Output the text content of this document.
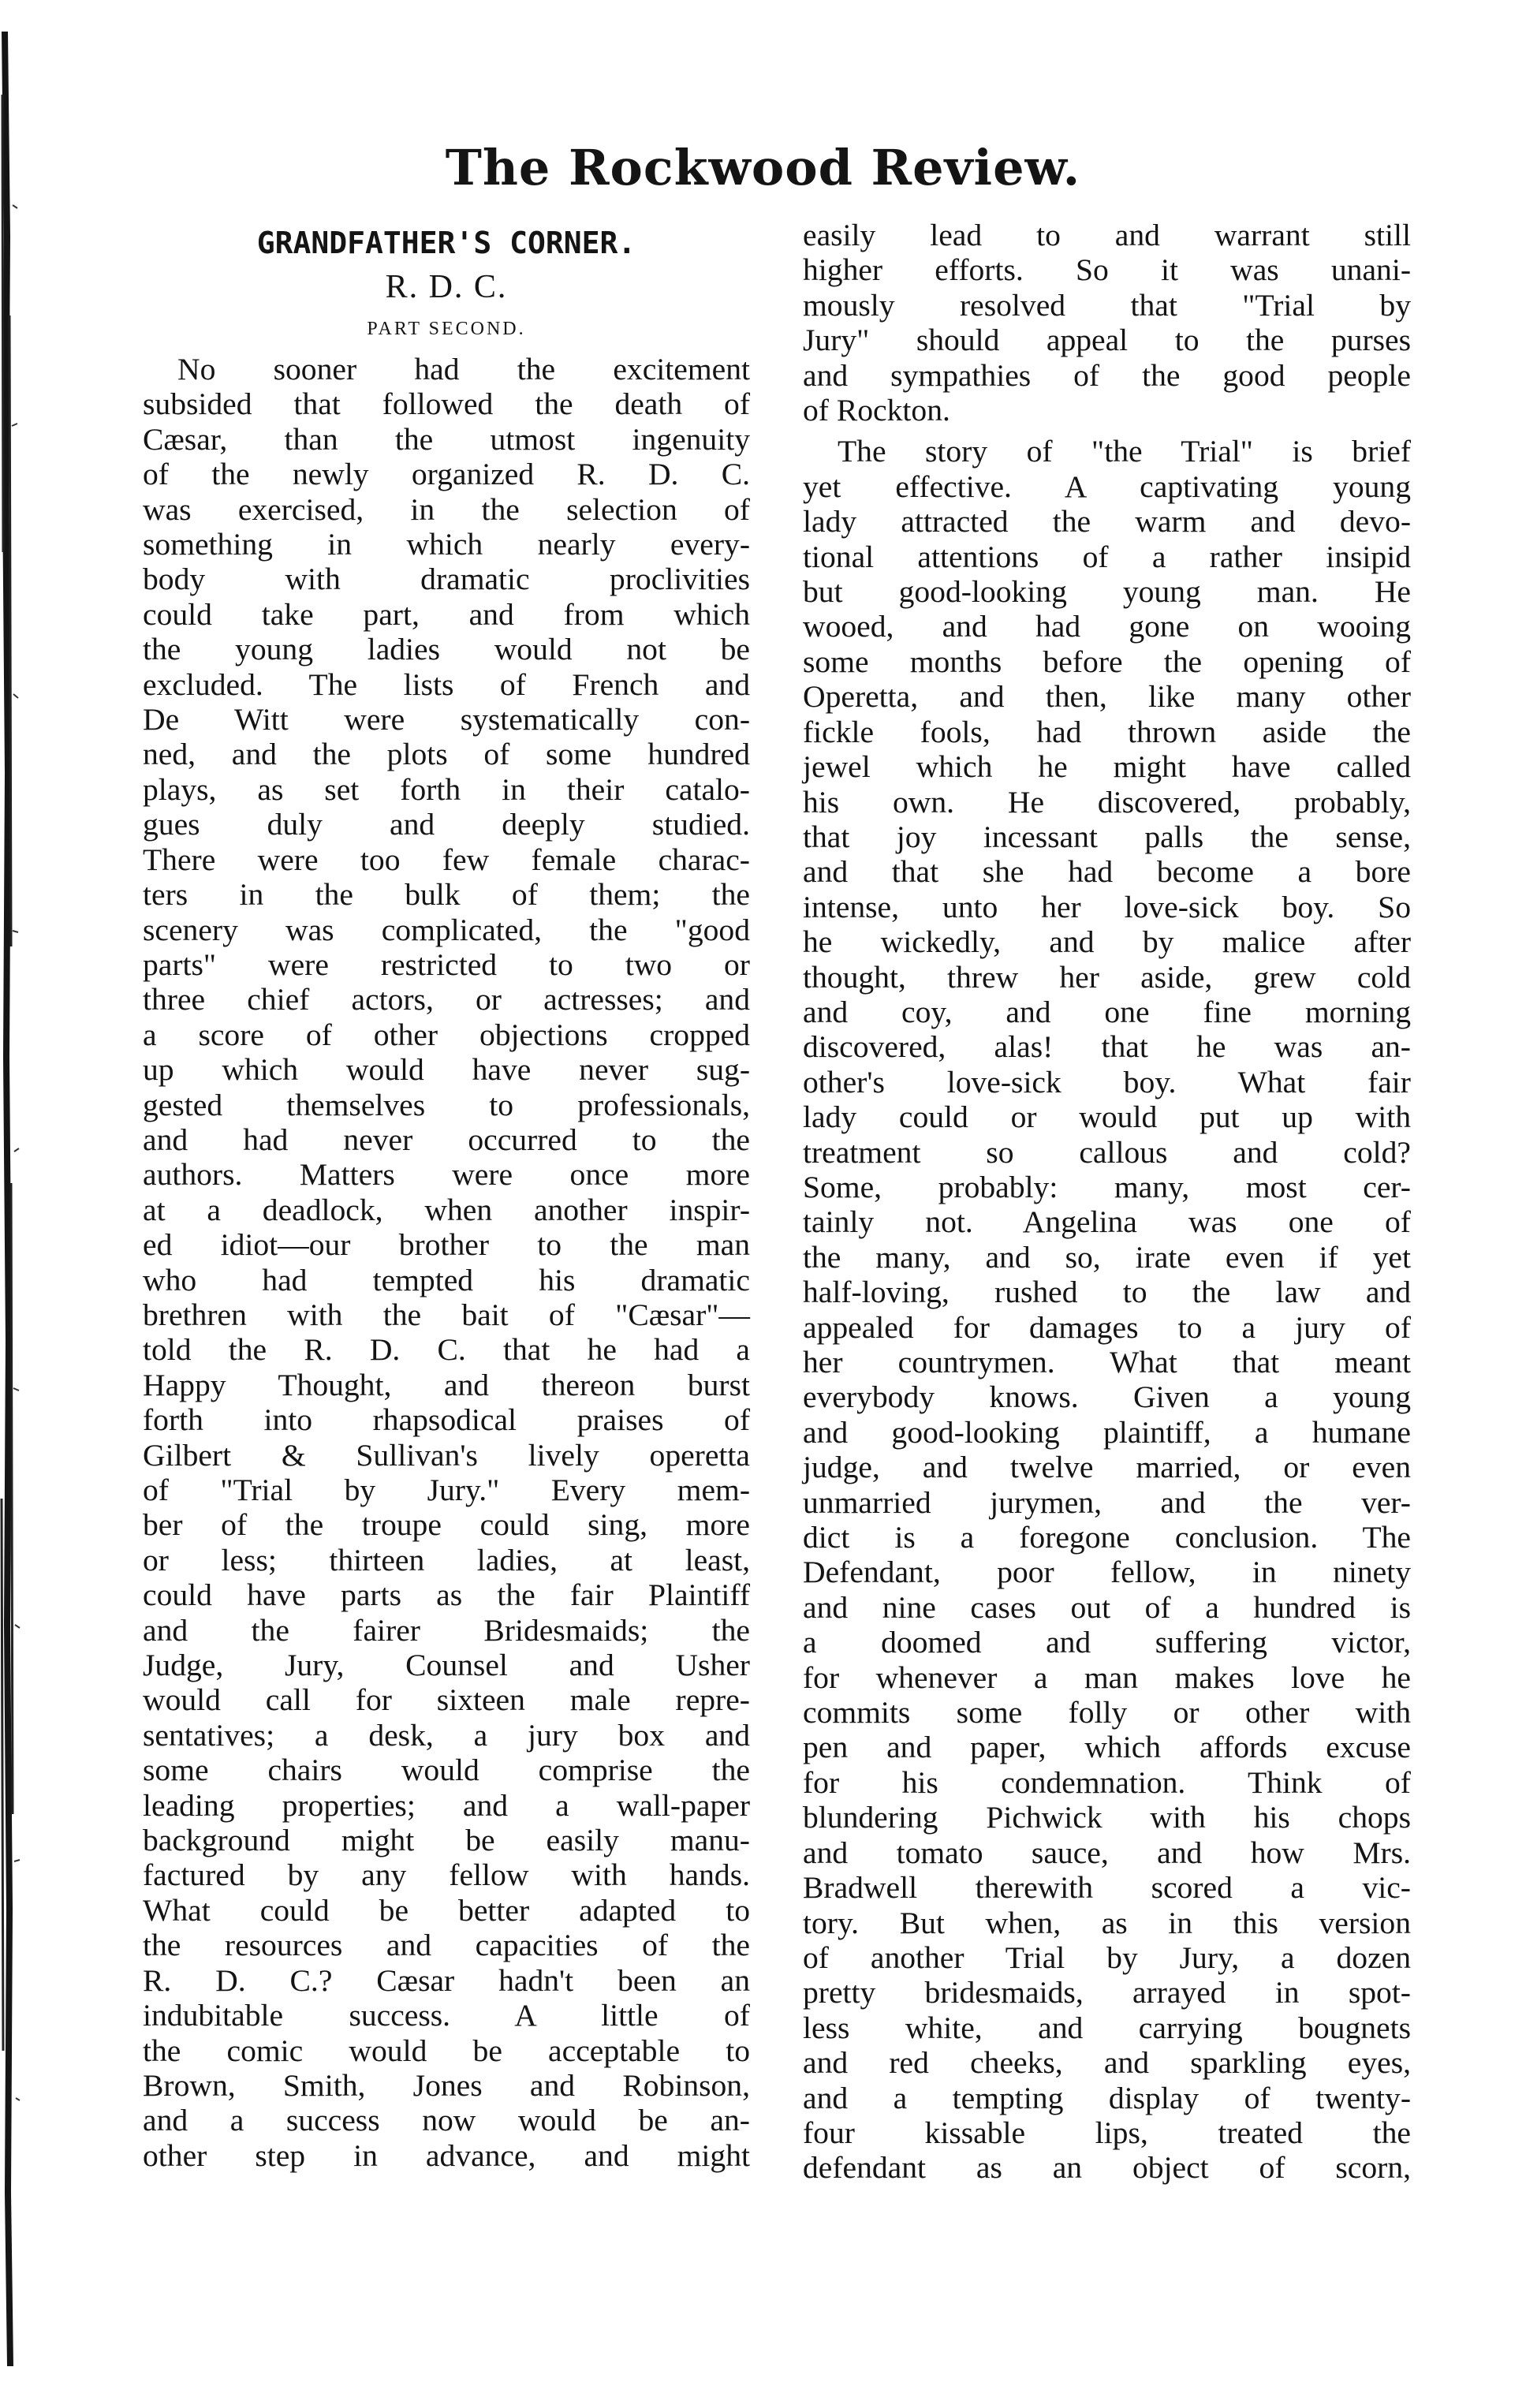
The Rockwood Review.
GRANDFATHER'S CORNER.
R. D. C.
PART SECOND.
No sooner had the excitement
subsided that followed the death of
Cæsar, than the utmost ingenuity
of the newly organized R. D. C.
was exercised, in the selection of
something in which nearly every-
body with dramatic proclivities
could take part, and from which
the young ladies would not be
excluded. The lists of French and
De Witt were systematically con-
ned, and the plots of some hundred
plays, as set forth in their catalo-
gues duly and deeply studied.
There were too few female charac-
ters in the bulk of them; the
scenery was complicated, the "good
parts" were restricted to two or
three chief actors, or actresses; and
a score of other objections cropped
up which would have never sug-
gested themselves to professionals,
and had never occurred to the
authors. Matters were once more
at a deadlock, when another inspir-
ed idiot—our brother to the man
who had tempted his dramatic
brethren with the bait of "Cæsar"—
told the R. D. C. that he had a
Happy Thought, and thereon burst
forth into rhapsodical praises of
Gilbert & Sullivan's lively operetta
of "Trial by Jury." Every mem-
ber of the troupe could sing, more
or less; thirteen ladies, at least,
could have parts as the fair Plaintiff
and the fairer Bridesmaids; the
Judge, Jury, Counsel and Usher
would call for sixteen male repre-
sentatives; a desk, a jury box and
some chairs would comprise the
leading properties; and a wall-paper
background might be easily manu-
factured by any fellow with hands.
What could be better adapted to
the resources and capacities of the
R. D. C.? Cæsar hadn't been an
indubitable success. A little of
the comic would be acceptable to
Brown, Smith, Jones and Robinson,
and a success now would be an-
other step in advance, and might
easily lead to and warrant still
higher efforts. So it was unani-
mously resolved that "Trial by
Jury" should appeal to the purses
and sympathies of the good people
of Rockton.
The story of "the Trial" is brief
yet effective. A captivating young
lady attracted the warm and devo-
tional attentions of a rather insipid
but good-looking young man. He
wooed, and had gone on wooing
some months before the opening of
Operetta, and then, like many other
fickle fools, had thrown aside the
jewel which he might have called
his own. He discovered, probably,
that joy incessant palls the sense,
and that she had become a bore
intense, unto her love-sick boy. So
he wickedly, and by malice after
thought, threw her aside, grew cold
and coy, and one fine morning
discovered, alas! that he was an-
other's love-sick boy. What fair
lady could or would put up with
treatment so callous and cold?
Some, probably: many, most cer-
tainly not. Angelina was one of
the many, and so, irate even if yet
half-loving, rushed to the law and
appealed for damages to a jury of
her countrymen. What that meant
everybody knows. Given a young
and good-looking plaintiff, a humane
judge, and twelve married, or even
unmarried jurymen, and the ver-
dict is a foregone conclusion. The
Defendant, poor fellow, in ninety
and nine cases out of a hundred is
a doomed and suffering victor,
for whenever a man makes love he
commits some folly or other with
pen and paper, which affords excuse
for his condemnation. Think of
blundering Pichwick with his chops
and tomato sauce, and how Mrs.
Bradwell therewith scored a vic-
tory. But when, as in this version
of another Trial by Jury, a dozen
pretty bridesmaids, arrayed in spot-
less white, and carrying bougnets
and red cheeks, and sparkling eyes,
and a tempting display of twenty-
four kissable lips, treated the
defendant as an object of scorn,
